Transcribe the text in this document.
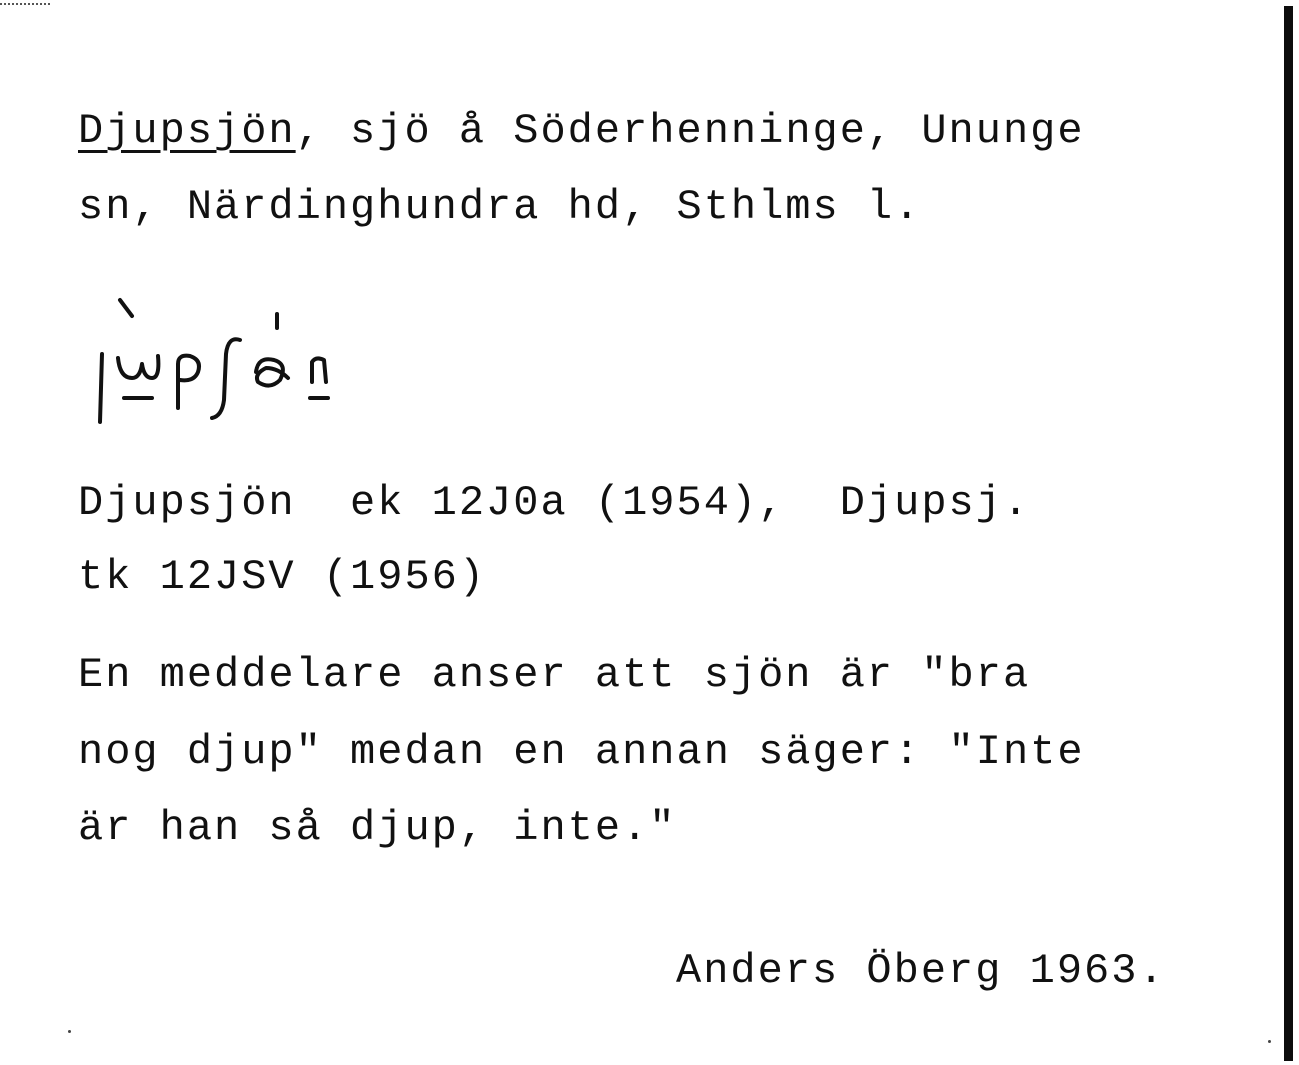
Djupsjön, sjö å Söderhenninge, Ununge
sn, Närdinghundra hd, Sthlms l.
Djupsjön  ek 12J0a (1954),  Djupsj.
tk 12JSV (1956)
En meddelare anser att sjön är "bra
nog djup" medan en annan säger: "Inte
är han så djup, inte."
Anders Öberg 1963.
